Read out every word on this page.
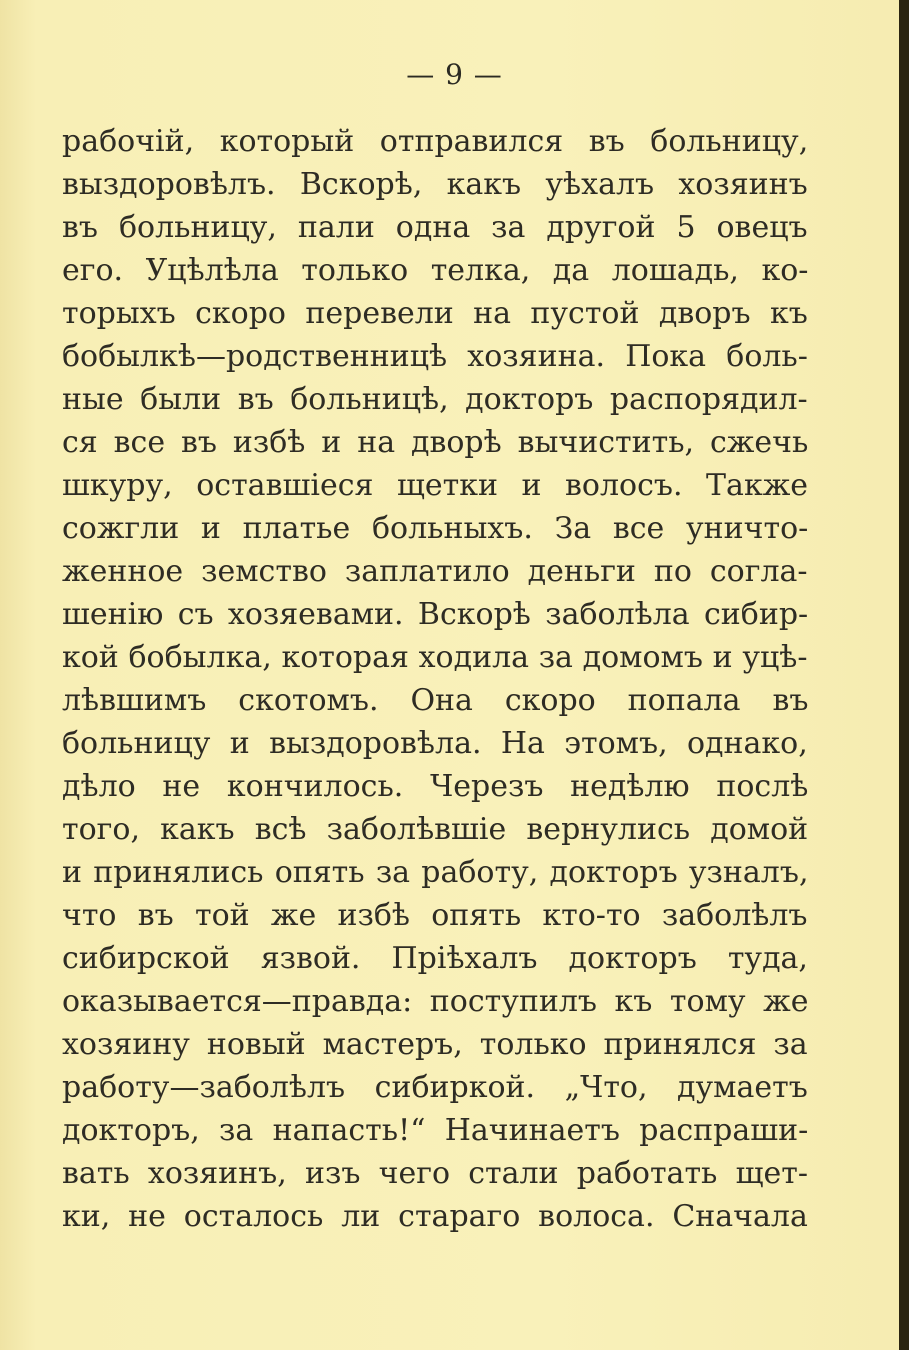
— 9 —
рабочій, который отправился въ больницу,
выздоровѣлъ. Вскорѣ, какъ уѣхалъ хозяинъ
въ больницу, пали одна за другой 5 овецъ
его. Уцѣлѣла только телка, да лошадь, ко-
торыхъ скоро перевели на пустой дворъ къ
бобылкѣ—родственницѣ хозяина. Пока боль-
ные были въ больницѣ, докторъ распорядил-
ся все въ избѣ и на дворѣ вычистить, сжечь
шкуру, оставшіеся щетки и волосъ. Также
сожгли и платье больныхъ. За все уничто-
женное земство заплатило деньги по согла-
шенію съ хозяевами. Вскорѣ заболѣла сибир-
кой бобылка, которая ходила за домомъ и уцѣ-
лѣвшимъ скотомъ. Она скоро попала въ
больницу и выздоровѣла. На этомъ, однако,
дѣло не кончилось. Черезъ недѣлю послѣ
того, какъ всѣ заболѣвшіе вернулись домой
и принялись опять за работу, докторъ узналъ,
что въ той же избѣ опять кто-то заболѣлъ
сибирской язвой. Пріѣхалъ докторъ туда,
оказывается—правда: поступилъ къ тому же
хозяину новый мастеръ, только принялся за
работу—заболѣлъ сибиркой. „Что, думаетъ
докторъ, за напасть!“ Начинаетъ распраши-
вать хозяинъ, изъ чего стали работать щет-
ки, не осталось ли стараго волоса. Сначала
